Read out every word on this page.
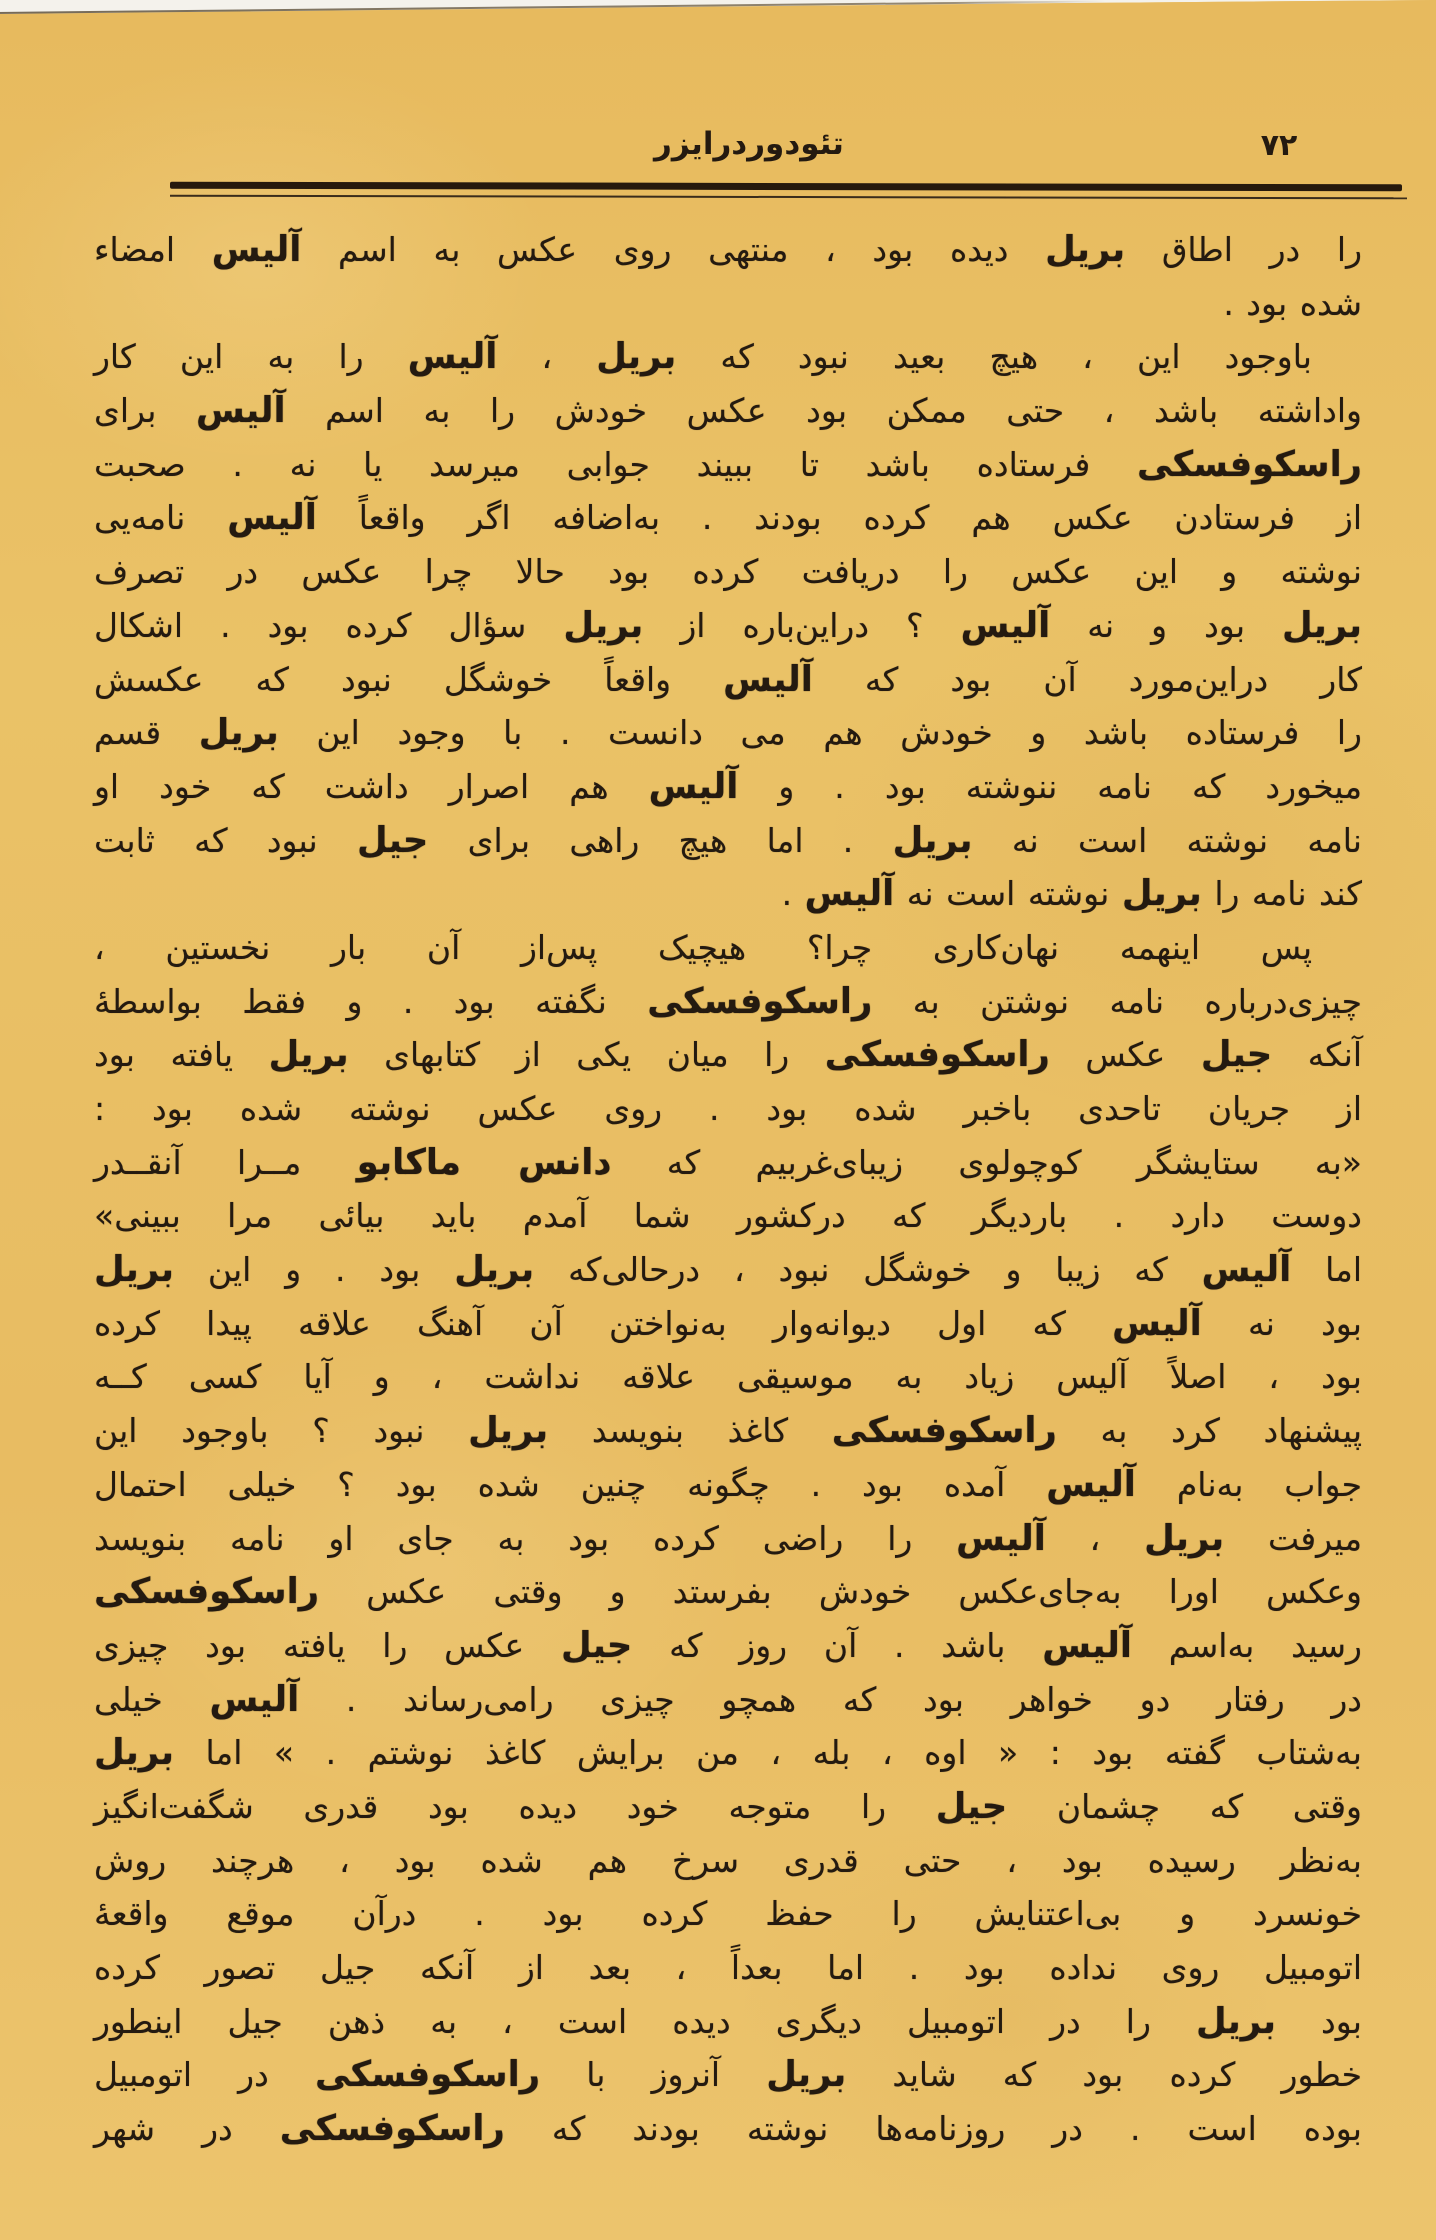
۷۲
تئودوردرایزر
را در اطاق بریل دیده بود ، منتهی روی عکس به اسم آلیس امضاء
شده بود .
باوجود این ، هیچ بعید نبود که بریل ، آلیس را به این کار
واداشته باشد ، حتی ممکن بود عکس خودش را به اسم آلیس برای
راسکوفسکی فرستاده باشد تا ببیند جوابی میرسد یا نه . صحبت
از فرستادن عکس هم کرده بودند . به‌اضافه اگر واقعاً آلیس نامه‌یی
نوشته و این عکس را دریافت کرده بود حالا چرا عکس در تصرف
بریل بود و نه آلیس ؟ دراین‌باره از بریل سؤال کرده بود . اشکال
کار دراین‌مورد آن بود که آلیس واقعاً خوشگل نبود که عکسش
را فرستاده باشد و خودش هم می دانست . با وجود این بریل قسم
میخورد که نامه ننوشته بود . و آلیس هم اصرار داشت که خود او
نامه نوشته است نه بریل . اما هیچ راهی برای جیل نبود که ثابت
کند نامه را بریل نوشته است نه آلیس .
پس اینهمه نهان‌کاری چرا؟ هیچیک پس‌از آن بار نخستین ،
چیزی‌درباره نامه نوشتن به راسکوفسکی نگفته بود . و فقط بواسطهٔ
آنکه جیل عکس راسکوفسکی را میان یکی از کتابهای بریل یافته بود
از جریان تاحدی باخبر شده بود . روی عکس نوشته شده بود :
«به ستایشگر کوچولوی زیبای‌غربیم که دانس ماکابو مــرا آنقــدر
دوست دارد . باردیگر که درکشور شما آمدم باید بیائی مرا ببینی»
اما آلیس که زیبا و خوشگل نبود ، درحالی‌که بریل بود . و این بریل
بود نه آلیس که اول دیوانه‌وار به‌نواختن آن آهنگ علاقه پیدا کرده
بود ، اصلاً آلیس زیاد به موسیقی علاقه نداشت ، و آیا کسی کــه
پیشنهاد کرد به راسکوفسکی کاغذ بنویسد بریل نبود ؟ باوجود این
جواب به‌نام آلیس آمده بود . چگونه چنین شده بود ؟ خیلی احتمال
میرفت بریل ، آلیس را راضی کرده بود به جای او نامه بنویسد
وعکس اورا به‌جای‌عکس خودش بفرستد و وقتی عکس راسکوفسکی
رسید به‌اسم آلیس باشد . آن روز که جیل عکس را یافته بود چیزی
در رفتار دو خواهر بود که همچو چیزی رامی‌رساند . آلیس خیلی
به‌شتاب گفته بود : « اوه ، بله ، من برایش کاغذ نوشتم . » اما بریل
وقتی که چشمان جیل را متوجه خود دیده بود قدری شگفت‌انگیز
به‌نظر رسیده بود ، حتی قدری سرخ هم شده بود ، هرچند روش
خونسرد و بی‌اعتنایش را حفظ کرده بود . درآن موقع واقعهٔ
اتومبیل روی نداده بود . اما بعداً ، بعد از آنکه جیل تصور کرده
بود بریل را در اتومبیل دیگری دیده است ، به ذهن جیل اینطور
خطور کرده بود که شاید بریل آنروز با راسکوفسکی در اتومبیل
بوده است . در روزنامه‌ها نوشته بودند که راسکوفسکی در شهر
